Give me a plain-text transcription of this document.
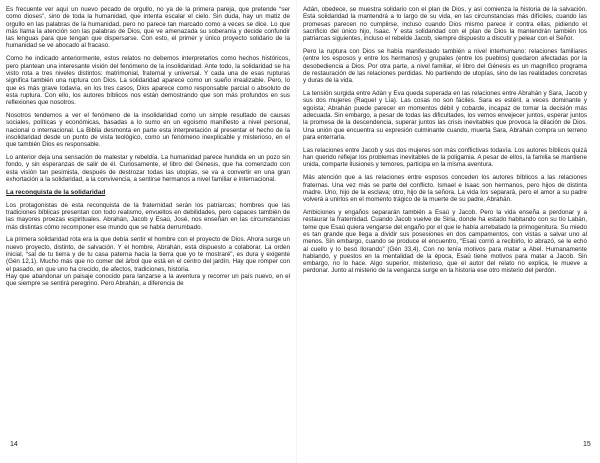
Es frecuente ver aquí un nuevo pecado de orgullo, no ya de la primera pareja, que pretende “ser como dioses”, sino de toda la humanidad, que intenta escalar el cielo. Sin duda, hay un matiz de orgullo en las palabras de la humanidad, pero no parece tan marcado como a veces se dice. Lo que más llama la atención son las palabras de Dios, que ve amenazada su soberanía y decide confundir las lenguas para que tengan que dispersarse. Con esto, el primer y único proyecto solidario de la humanidad se ve abocado al fracaso.

Como he indicado anteriormente, estos relatos no debemos interpretarlos como hechos históricos, pero plantean una interesante visión del fenómeno de la insolidaridad. Ante todo, la solidaridad se ha visto rota a tres niveles distintos: matrimonial, fraternal y universal. Y cada una de esas rupturas significa también una ruptura con Dios. La solidaridad aparece como un sueño irrealizable. Pero, lo que es más grave todavía, en los tres casos, Dios aparece como responsable parcial o absoluto de esta ruptura. Con ello, los autores bíblicos nos están demostrando que son más profundos en sus reflexiones que nosotros.

Nosotros tendemos a ver el fenómeno de la insolidaridad como un simple resultado de causas sociales, políticas y económicas, basadas a lo sumo en un egoísmo manifiesto a nivel personal, nacional o internacional. La Biblia desmonta en parte esta interpretación al presentar el hecho de la insolidaridad desde un punto de vista teológico, como un fenómeno inexplicable y misterioso, en el que también Dios es responsable.

Lo anterior deja una sensación de malestar y rebeldía. La humanidad parece hundida en un pozo sin fondo, y sin esperanzas de salir de él. Curiosamente, el libro del Génesis, que ha comenzado con esta visión tan pesimista, después de destrozar todas las utopías, se va a convertir en una gran exhortación a la solidaridad, a la convivencia, a sentirse hermanos a nivel familiar e internacional.

La reconquista de la solidaridad

Los protagonistas de esta reconquista de la fraternidad serán los patriarcas; hombres que las tradiciones bíblicas presentan con todo realismo, envueltos en debilidades, pero capaces también de las mayores proezas espirituales. Abrahán, Jacob y Esaú, José, nos enseñan en las circunstancias más distintas cómo recomponer ese mundo que se había derrumbado.

La primera solidaridad rota era la que debía sentir el hombre con el proyecto de Dios. Ahora surge un nuevo proyecto, distinto, de salvación. Y el hombre, Abrahán, está dispuesto a colaborar. La orden inicial, “sal de tu tierra y de tu casa paterna hacia la tierra que yo te mostraré”, es dura y exigente (Gén 12,1). Mucho más que no comer del árbol que está en el centro del jardín. Hay que romper con el pasado, en que uno ha crecido, de afectos, tradiciones, historia.

Hay que abandonar un paisaje conocido para lanzarse a la aventura y recorrer un país nuevo, en el que siempre se sentirá peregrino. Pero Abrahán, a diferencia de

Adán, obedece, se muestra solidario con el plan de Dios, y así comienza la historia de la salvación. Esta solidaridad la mantendrá a lo largo de su vida, en las circunstancias más difíciles, cuando las promesas parecen no cumplirse, incluso cuando Dios mismo parece ir contra ellas, pidiendo el sacrificio del único hijo, Isaac. Y esta solidaridad con el plan de Dios la mantendrán también los patriarcas siguientes, incluso el rebelde Jacob, siempre dispuesto a discutir y pelear con el Señor.

Pero la ruptura con Dios se había manifestado también a nivel interhumano: relaciones familiares (entre los esposos y entre los hermanos) y grupales (entre los pueblos) quedaron afectadas por la desobediencia a Dios. Por otra parte, a nivel familiar, el libro del Génesis es un magnífico programa de restauración de las relaciones perdidas. No partiendo de utopías, sino de las realidades concretas y duras de la vida.

La tensión surgida entre Adán y Eva queda superada en las relaciones entre Abrahán y Sara, Jacob y sus dos mujeres (Raquel y Lía). Las cosas no son fáciles. Sara es estéril, a veces dominante y egoísta; Abrahán puede parecer en momentos débil y cobarde, incapaz de tomar la decisión más adecuada. Sin embargo, a pesar de todas las dificultades, los vemos envejecer juntos, esperar juntos la promesa de la descendencia, superar juntos las crisis inevitables que provoca la dilación de Dios. Una unión que encuentra su expresión culminante cuando, muerta Sara, Abrahán compra un terreno para enterrarla.

Las relaciones entre Jacob y sus dos mujeres son más conflictivas todavía. Los autores bíblicos quizá han querido reflejar los problemas inevitables de la poligamia. A pesar de ellos, la familia se mantiene unida, comparte ilusiones y temores, participa en la misma aventura.

Más atención que a las relaciones entre esposos conceden los autores bíblicos a las relaciones fraternas. Una vez más se parte del conflicto. Ismael e Isaac son hermanos, pero hijos de distinta madre. Uno, hijo de la esclava; otro, hijo de la señora. La vida los separará, pero el amor a su padre volverá a unirlos en el momento trágico de la muerte de su padre, Abrahán.

Ambiciones y engaños separarán también a Esaú y Jacob. Pero la vida enseña a perdonar y a restaurar la fraternidad. Cuando Jacob vuelve de Siria, donde ha estado habitando con su tío Labán, teme que Esaú quiera vengarse del engaño por el que le había arrebatado la primogenitura. Su miedo es tan grande que llega a dividir sus posesiones en dos campamentos, con vistas a salvar uno al menos. Sin embargo, cuando se produce el encuentro, “Esaú corrió a recibirlo, lo abrazó, se le echó al cuello y lo besó llorando” (Gén 33,4). Con no tenía motivos para matar a Abel. Humanamente hablando, y puestos en la mentalidad de la época, Esaú tiene motivos para matar a Jacob. Sin embargo, no lo hace. Algo superior, misterioso, que el autor del relato no explica, le mueve a perdonar. Junto al misterio de la venganza surge en la historia ese otro misterio del perdón.

14	15
